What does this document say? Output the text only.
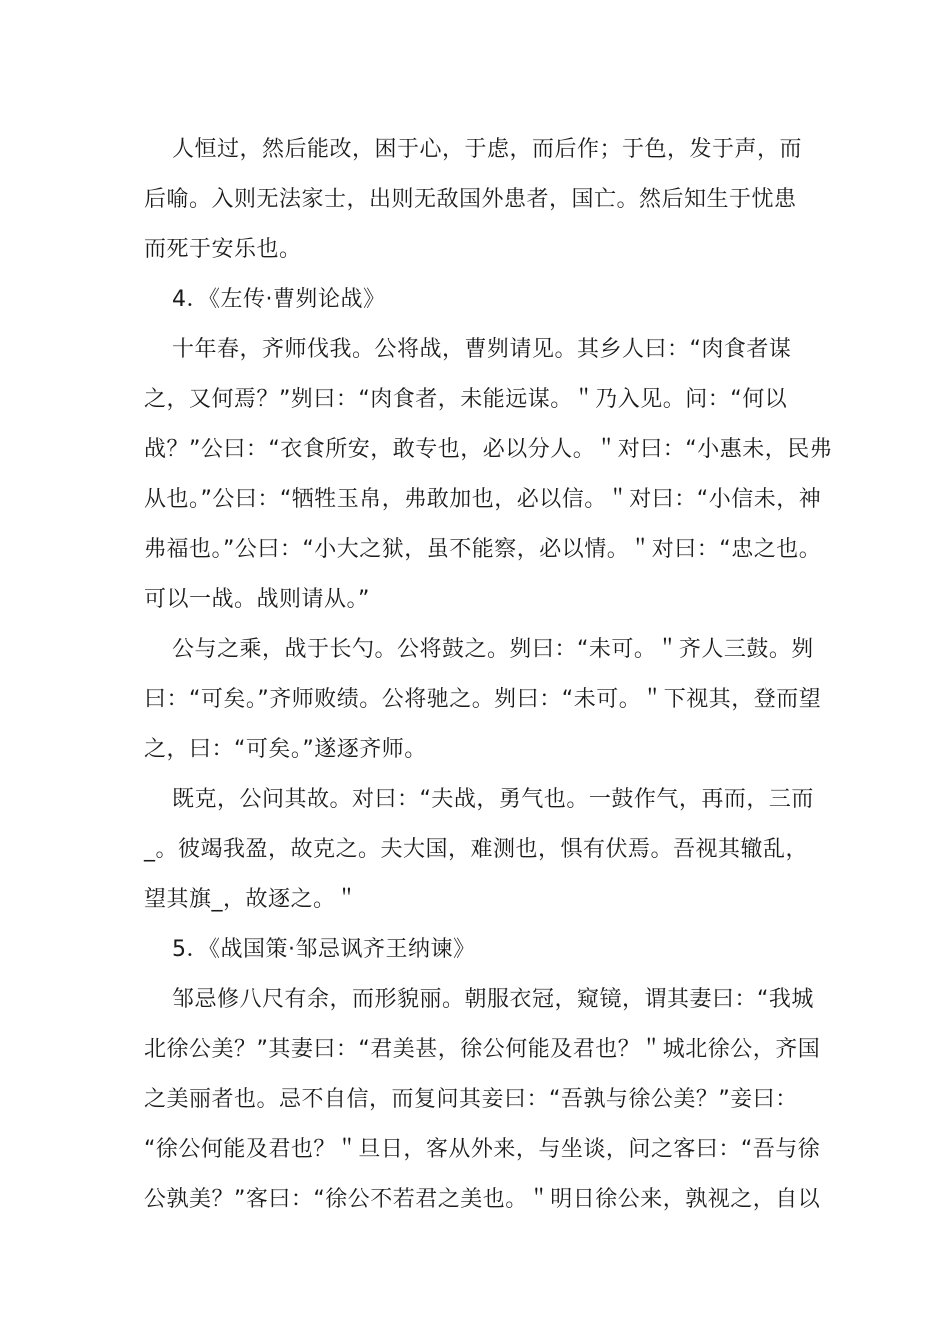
人恒过，然后能改，困于心，于虑，而后作；于色，发于声，而
后喻。入则无法家士，出则无敌国外患者，国亡。然后知生于忧患
而死于安乐也。
4．《左传·曹刿论战》
十年春，齐师伐我。公将战，曹刿请见。其乡人曰：“肉食者谋
之，又何焉？”刿曰：“肉食者，未能远谋。＂乃入见。问：“何以
战？”公曰：“衣食所安，敢专也，必以分人。＂对曰：“小惠未，民弗
从也。”公曰：“牺牲玉帛，弗敢加也，必以信。＂对曰：“小信未，神
弗福也。”公曰：“小大之狱，虽不能察，必以情。＂对曰：“忠之也。
可以一战。战则请从。”
公与之乘，战于长勺。公将鼓之。刿曰：“未可。＂齐人三鼓。刿
曰：“可矣。”齐师败绩。公将驰之。刿曰：“未可。＂下视其，登而望
之，曰：“可矣。”遂逐齐师。
既克，公问其故。对曰：“夫战，勇气也。一鼓作气，再而，三而
_。彼竭我盈，故克之。夫大国，难测也，惧有伏焉。吾视其辙乱，
望其旗_，故逐之。＂
5．《战国策·邹忌讽齐王纳谏》
邹忌修八尺有余，而形貌丽。朝服衣冠，窥镜，谓其妻曰：“我城
北徐公美？”其妻曰：“君美甚，徐公何能及君也？＂城北徐公，齐国
之美丽者也。忌不自信，而复问其妾曰：“吾孰与徐公美？”妾曰：
“徐公何能及君也？＂旦日，客从外来，与坐谈，问之客曰：“吾与徐
公孰美？”客曰：“徐公不若君之美也。＂明日徐公来，孰视之，自以
